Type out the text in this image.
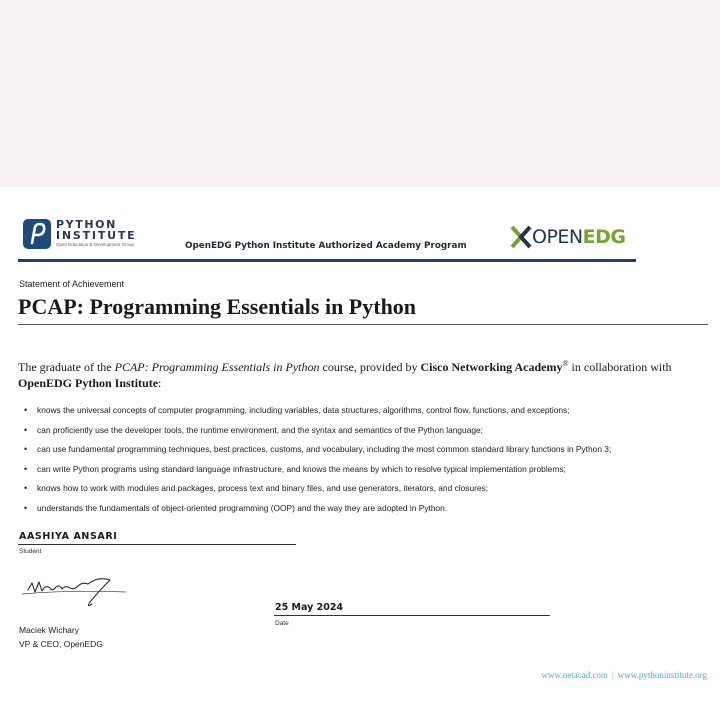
PYTHON
INSTITUTE
Open Education & Development Group	OpenEDG Python Institute Authorized Academy Program	OPENEDG
Statement of Achievement
PCAP: Programming Essentials in Python
The graduate of the PCAP: Programming Essentials in Python course, provided by Cisco Networking Academy® in collaboration with OpenEDG Python Institute:
• knows the universal concepts of computer programming, including variables, data structures, algorithms, control flow, functions, and exceptions;
• can proficiently use the developer tools, the runtime environment, and the syntax and semantics of the Python language;
• can use fundamental programming techniques, best practices, customs, and vocabulary, including the most common standard library functions in Python 3;
• can write Python programs using standard language infrastructure, and knows the means by which to resolve typical implementation problems;
• knows how to work with modules and packages, process text and binary files, and use generators, iterators, and closures;
• understands the fundamentals of object-oriented programming (OOP) and the way they are adopted in Python.
AASHIYA ANSARI
Student
25 May 2024
Date
Maciek Wichary
VP & CEO, OpenEDG
www.netacad.com | www.pythoninstitute.org
